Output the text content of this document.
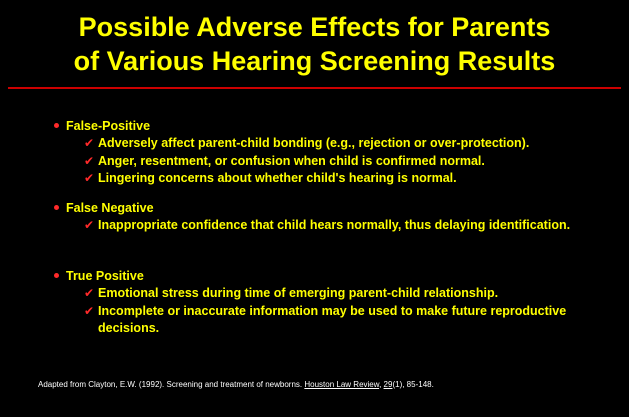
Possible Adverse Effects for Parents
of Various Hearing Screening Results
False-Positive
✔ Adversely affect parent-child bonding (e.g., rejection or over-protection).
✔ Anger, resentment, or confusion when child is confirmed normal.
✔ Lingering concerns about whether child's hearing is normal.
False Negative
✔ Inappropriate confidence that child hears normally, thus delaying identification.
True Positive
✔ Emotional stress during time of emerging parent-child relationship.
✔ Incomplete or inaccurate information may be used to make future reproductive decisions.
Adapted from Clayton, E.W. (1992). Screening and treatment of newborns. Houston Law Review, 29(1), 85-148.
